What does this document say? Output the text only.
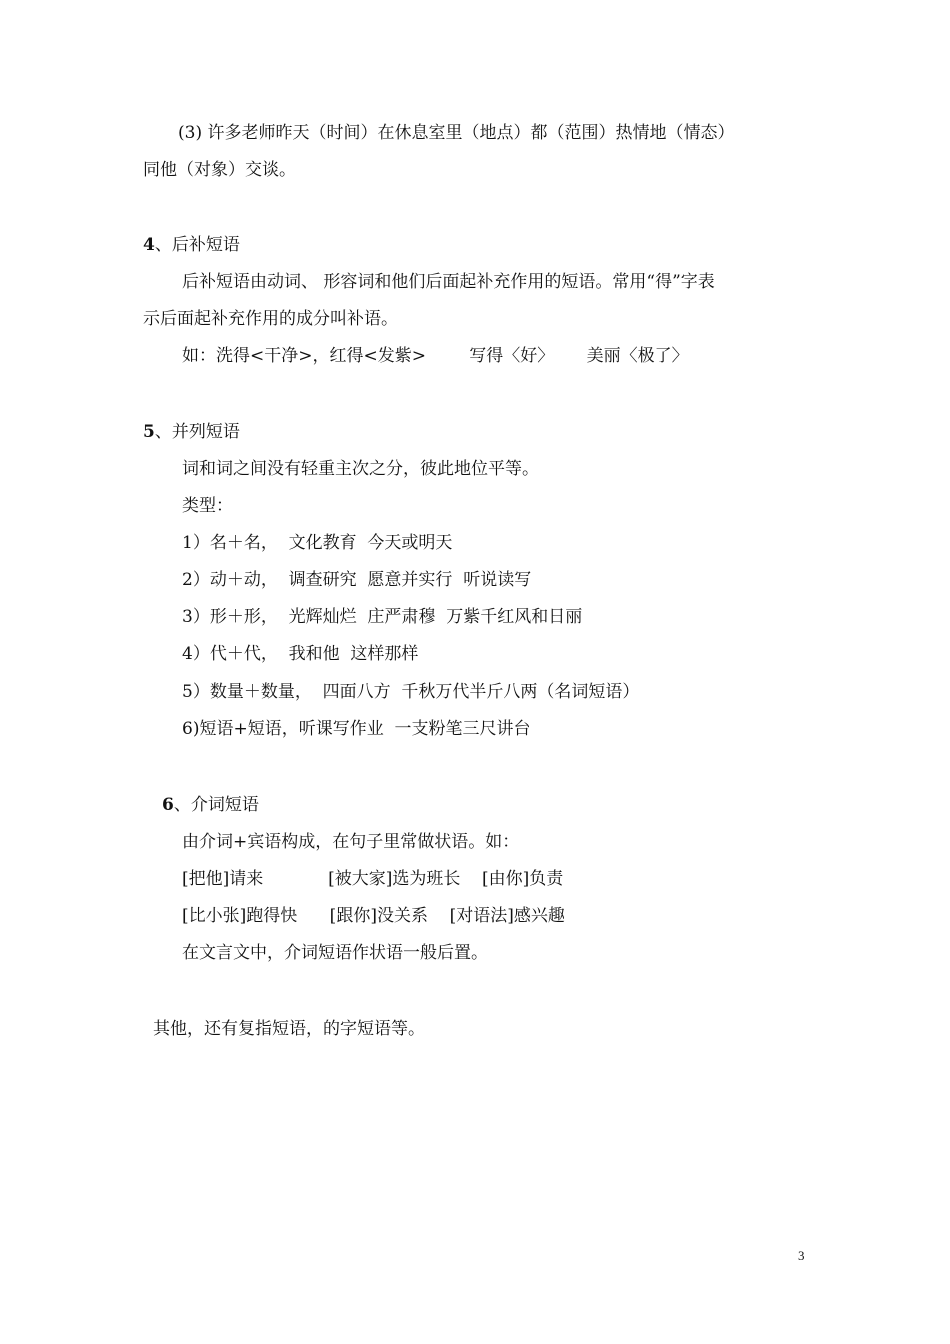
(3) 许多老师昨天（时间）在休息室里（地点）都（范围）热情地（情态）
同他（对象）交谈。
4、后补短语
后补短语由动词、 形容词和他们后面起补充作用的短语。常用“得”字表
示后面起补充作用的成分叫补语。
如：洗得<干净>，红得<发紫>        写得〈好〉      美丽〈极了〉
5、并列短语
词和词之间没有轻重主次之分，彼此地位平等。
类型：
1）名＋名，  文化教育  今天或明天
2）动＋动，  调查研究  愿意并实行  听说读写
3）形＋形，  光辉灿烂  庄严肃穆  万紫千红风和日丽
4）代＋代，  我和他  这样那样
5）数量＋数量，  四面八方  千秋万代半斤八两（名词短语）
6)短语+短语，听课写作业  一支粉笔三尺讲台
6、介词短语
由介词+宾语构成，在句子里常做状语。如：
[把他]请来            [被大家]选为班长    [由你]负责
[比小张]跑得快      [跟你]没关系    [对语法]感兴趣
在文言文中，介词短语作状语一般后置。
其他，还有复指短语，的字短语等。
3
